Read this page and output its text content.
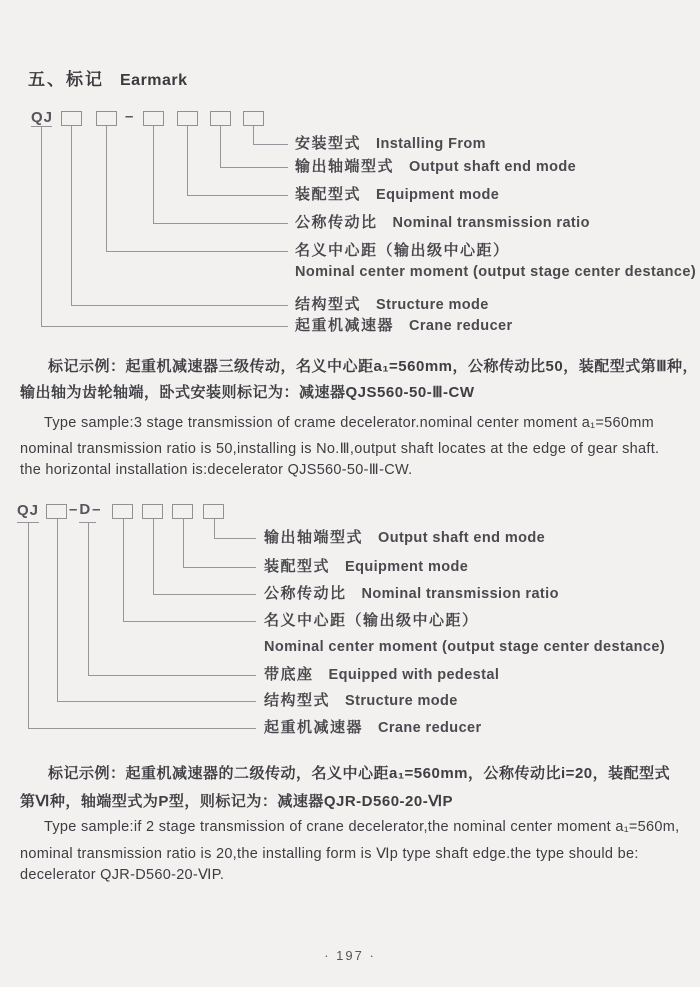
五、标记 Earmark
QJ	–
安装型式 Installing From
输出轴端型式 Output shaft end mode
装配型式 Equipment mode
公称传动比 Nominal transmission ratio
名义中心距（输出级中心距）
Nominal center moment (output stage center destance)
结构型式 Structure mode
起重机减速器 Crane reducer
标记示例：起重机减速器三级传动，名义中心距a₁=560mm，公称传动比50，装配型式第Ⅲ种，
输出轴为齿轮轴端，卧式安装则标记为：减速器QJS560-50-Ⅲ-CW
Type sample:3 stage transmission of crame decelerator.nominal center moment a₁=560mm
nominal transmission ratio is 50,installing is No.Ⅲ,output shaft locates at the edge of gear shaft.
the horizontal installation is:decelerator QJS560-50-Ⅲ-CW.
QJ –D–
输出轴端型式 Output shaft end mode
装配型式 Equipment mode
公称传动比 Nominal transmission ratio
名义中心距（输出级中心距）
Nominal center moment (output stage center destance)
带底座 Equipped with pedestal
结构型式 Structure mode
起重机减速器 Crane reducer
标记示例：起重机减速器的二级传动，名义中心距a₁=560mm，公称传动比i=20，装配型式
第Ⅵ种，轴端型式为P型，则标记为：减速器QJR-D560-20-ⅥP
Type sample:if 2 stage transmission of crane decelerator,the nominal center moment a₁=560m,
nominal transmission ratio is 20,the installing form is Ⅵp type shaft edge.the type should be:
decelerator QJR-D560-20-ⅥP.
· 197 ·
